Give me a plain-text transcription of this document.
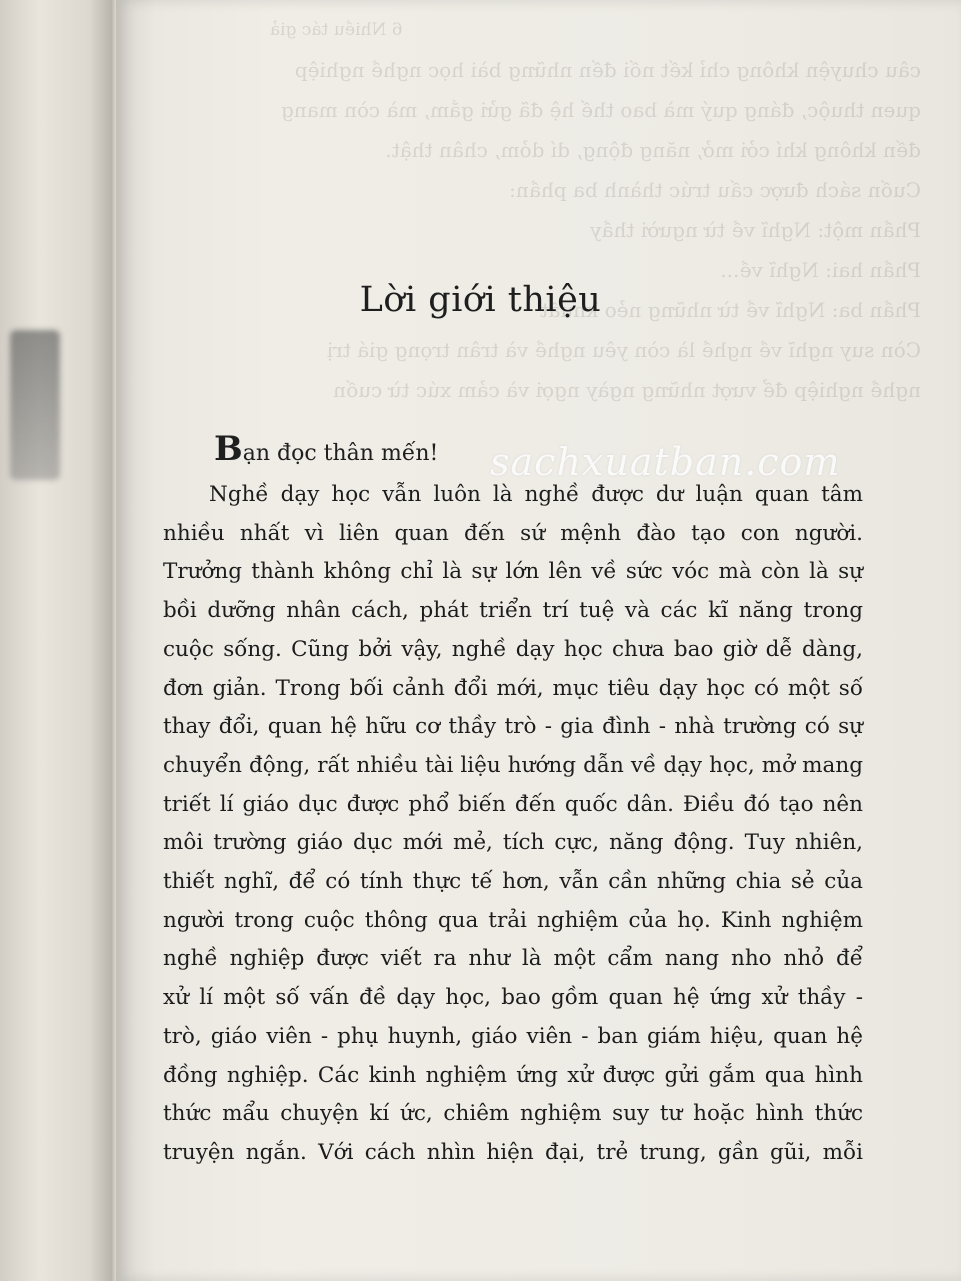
Lời giới thiệu

Bạn đọc thân mến!

Nghề dạy học vẫn luôn là nghề được dư luận quan tâm
nhiều nhất vì liên quan đến sứ mệnh đào tạo con người.
Trưởng thành không chỉ là sự lớn lên về sức vóc mà còn là sự
bồi dưỡng nhân cách, phát triển trí tuệ và các kĩ năng trong
cuộc sống. Cũng bởi vậy, nghề dạy học chưa bao giờ dễ dàng,
đơn giản. Trong bối cảnh đổi mới, mục tiêu dạy học có một số
thay đổi, quan hệ hữu cơ thầy trò - gia đình - nhà trường có sự
chuyển động, rất nhiều tài liệu hướng dẫn về dạy học, mở mang
triết lí giáo dục được phổ biến đến quốc dân. Điều đó tạo nên
môi trường giáo dục mới mẻ, tích cực, năng động. Tuy nhiên,
thiết nghĩ, để có tính thực tế hơn, vẫn cần những chia sẻ của
người trong cuộc thông qua trải nghiệm của họ. Kinh nghiệm
nghề nghiệp được viết ra như là một cẩm nang nho nhỏ để
xử lí một số vấn đề dạy học, bao gồm quan hệ ứng xử thầy -
trò, giáo viên - phụ huynh, giáo viên - ban giám hiệu, quan hệ
đồng nghiệp. Các kinh nghiệm ứng xử được gửi gắm qua hình
thức mẩu chuyện kí ức, chiêm nghiệm suy tư hoặc hình thức
truyện ngắn. Với cách nhìn hiện đại, trẻ trung, gần gũi, mỗi
sachxuatban.com
